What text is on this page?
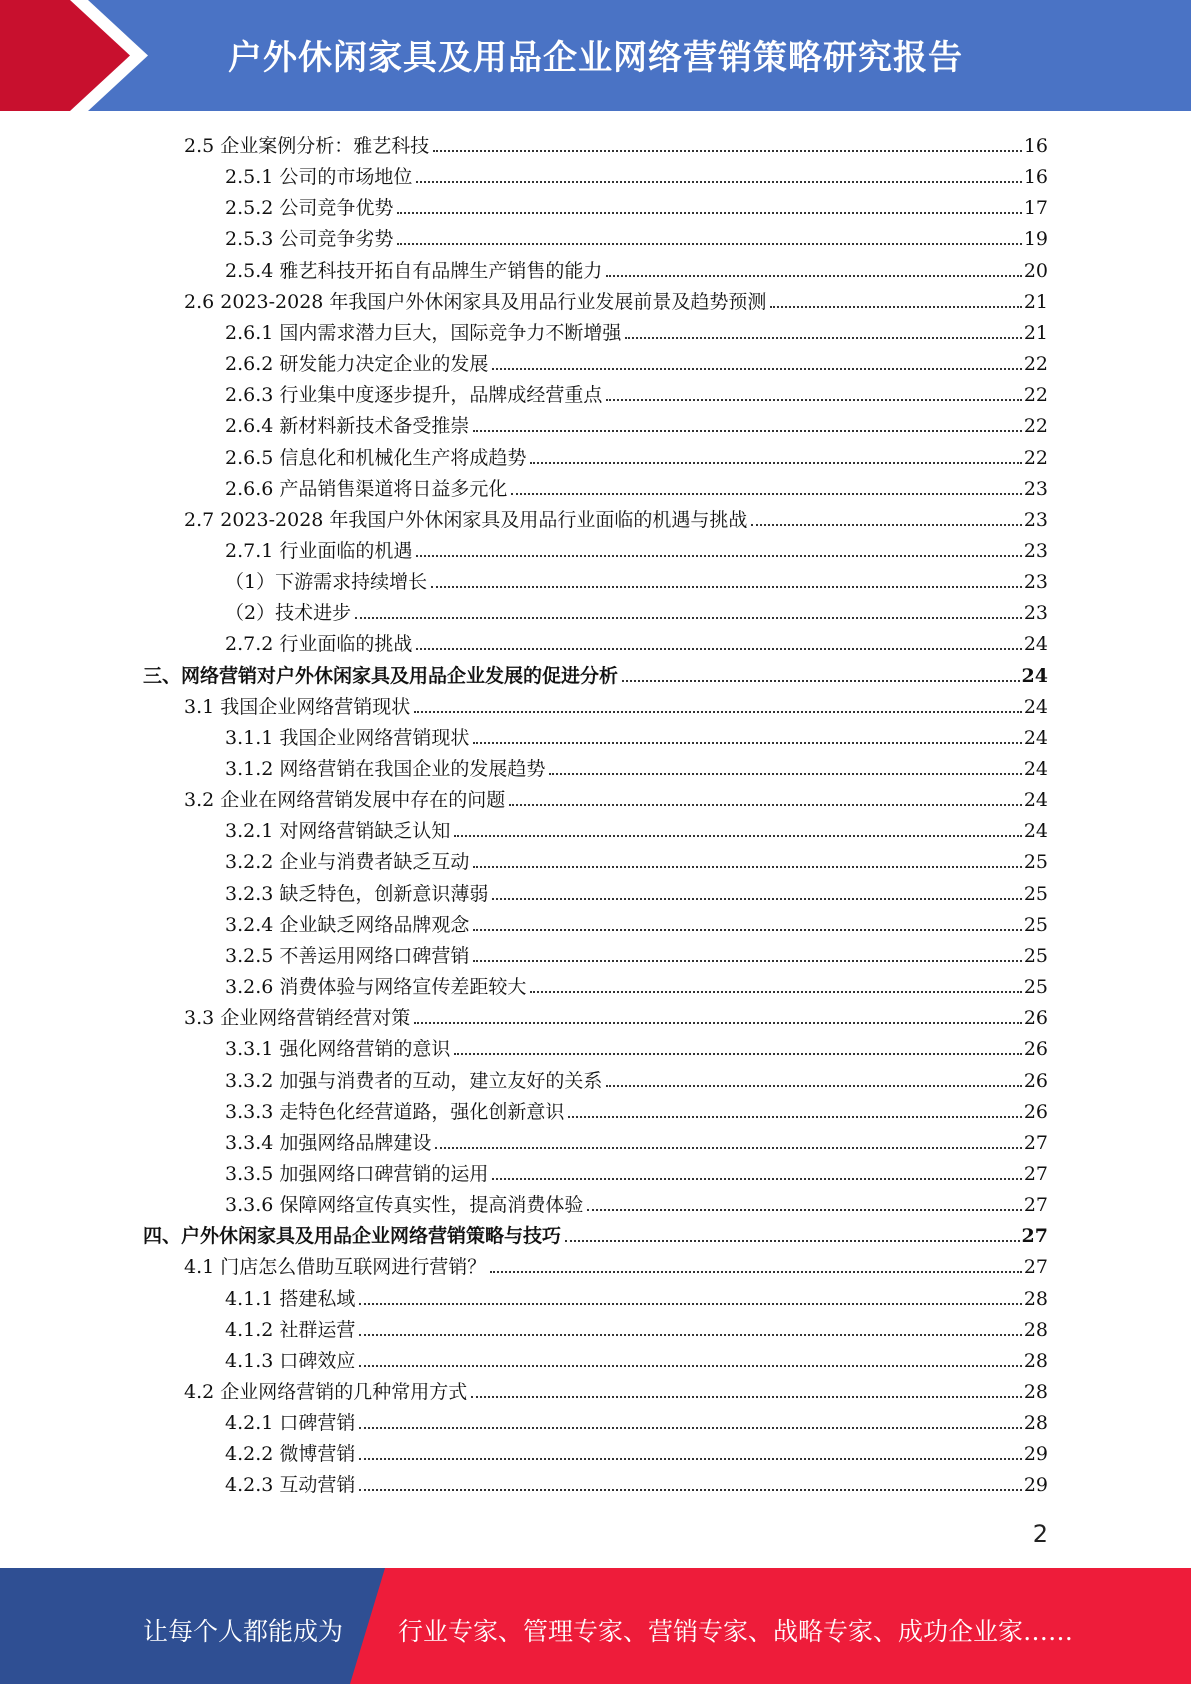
户外休闲家具及用品企业网络营销策略研究报告
2.5 企业案例分析：雅艺科技	16
2.5.1 公司的市场地位	16
2.5.2 公司竞争优势	17
2.5.3 公司竞争劣势	19
2.5.4 雅艺科技开拓自有品牌生产销售的能力	20
2.6 2023-2028 年我国户外休闲家具及用品行业发展前景及趋势预测	21
2.6.1 国内需求潜力巨大，国际竞争力不断增强	21
2.6.2 研发能力决定企业的发展	22
2.6.3 行业集中度逐步提升，品牌成经营重点	22
2.6.4 新材料新技术备受推崇	22
2.6.5 信息化和机械化生产将成趋势	22
2.6.6 产品销售渠道将日益多元化	23
2.7 2023-2028 年我国户外休闲家具及用品行业面临的机遇与挑战	23
2.7.1 行业面临的机遇	23
（1）下游需求持续增长	23
（2）技术进步	23
2.7.2 行业面临的挑战	24
三、网络营销对户外休闲家具及用品企业发展的促进分析	24
3.1 我国企业网络营销现状	24
3.1.1 我国企业网络营销现状	24
3.1.2 网络营销在我国企业的发展趋势	24
3.2 企业在网络营销发展中存在的问题	24
3.2.1 对网络营销缺乏认知	24
3.2.2 企业与消费者缺乏互动	25
3.2.3 缺乏特色，创新意识薄弱	25
3.2.4 企业缺乏网络品牌观念	25
3.2.5 不善运用网络口碑营销	25
3.2.6 消费体验与网络宣传差距较大	25
3.3 企业网络营销经营对策	26
3.3.1 强化网络营销的意识	26
3.3.2 加强与消费者的互动，建立友好的关系	26
3.3.3 走特色化经营道路，强化创新意识	26
3.3.4 加强网络品牌建设	27
3.3.5 加强网络口碑营销的运用	27
3.3.6 保障网络宣传真实性，提高消费体验	27
四、户外休闲家具及用品企业网络营销策略与技巧	27
4.1 门店怎么借助互联网进行营销？	27
4.1.1 搭建私域	28
4.1.2 社群运营	28
4.1.3 口碑效应	28
4.2 企业网络营销的几种常用方式	28
4.2.1 口碑营销	28
4.2.2 微博营销	29
4.2.3 互动营销	29
2
让每个人都能成为 行业专家、管理专家、营销专家、战略专家、成功企业家……
